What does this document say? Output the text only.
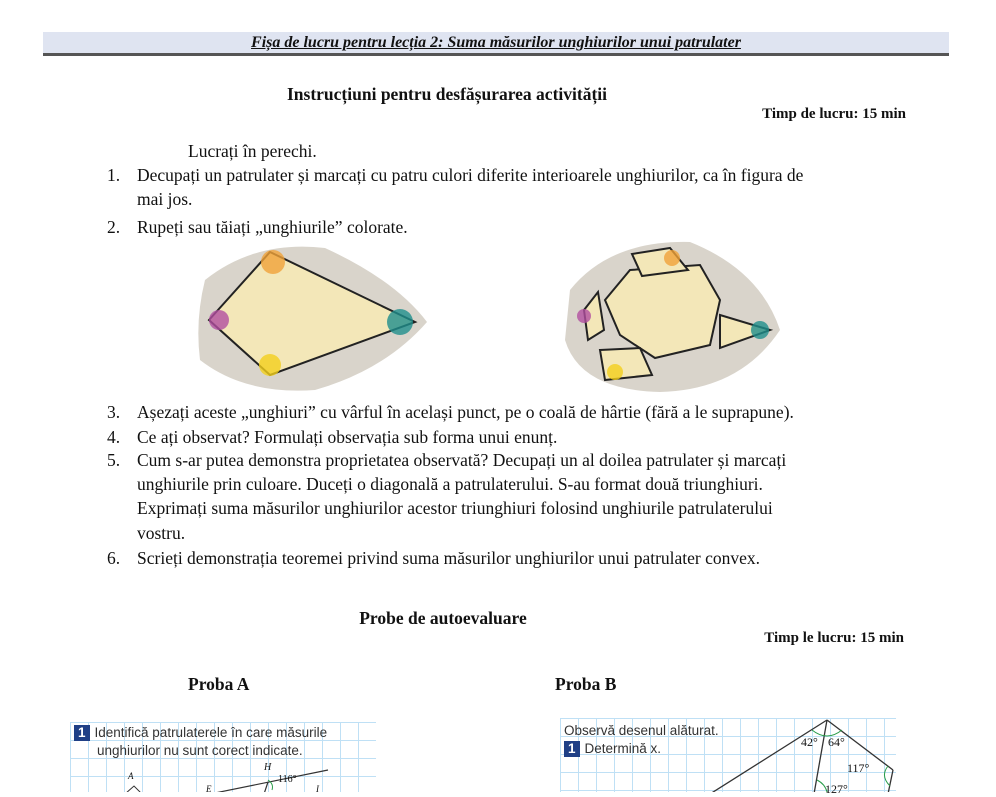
Fișa de lucru pentru lecția 2: Suma măsurilor unghiurilor unui patrulater
Instrucțiuni pentru desfășurarea activității
Timp de lucru: 15 min
Lucrați în perechi.
1. Decupați un patrulater și marcați cu patru culori diferite interioarele unghiurilor, ca în figura de
mai jos.
2. Rupeți sau tăiați „unghiurile” colorate.
3. Așezați aceste „unghiuri” cu vârful în același punct, pe o coală de hârtie (fără a le suprapune).
4. Ce ați observat? Formulați observația sub forma unui enunț.
5. Cum s-ar putea demonstra proprietatea observată? Decupați un al doilea patrulater și marcați
unghiurile prin culoare. Duceți o diagonală a patrulaterului. S-au format două triunghiuri.
Exprimați suma măsurilor unghiurilor acestor triunghiuri folosind unghiurile patrulaterului
vostru.
6. Scrieți demonstrația teoremei privind suma măsurilor unghiurilor unui patrulater convex.
Probe de autoevaluare
Timp le lucru: 15 min
Proba A	Proba B
1 Identifică patrulaterele în care măsurile
unghiurilor nu sunt corect indicate.
A
H
E	I
116°
Observă desenul alăturat.
1 Determină x.	42° 64°
117°
127°
